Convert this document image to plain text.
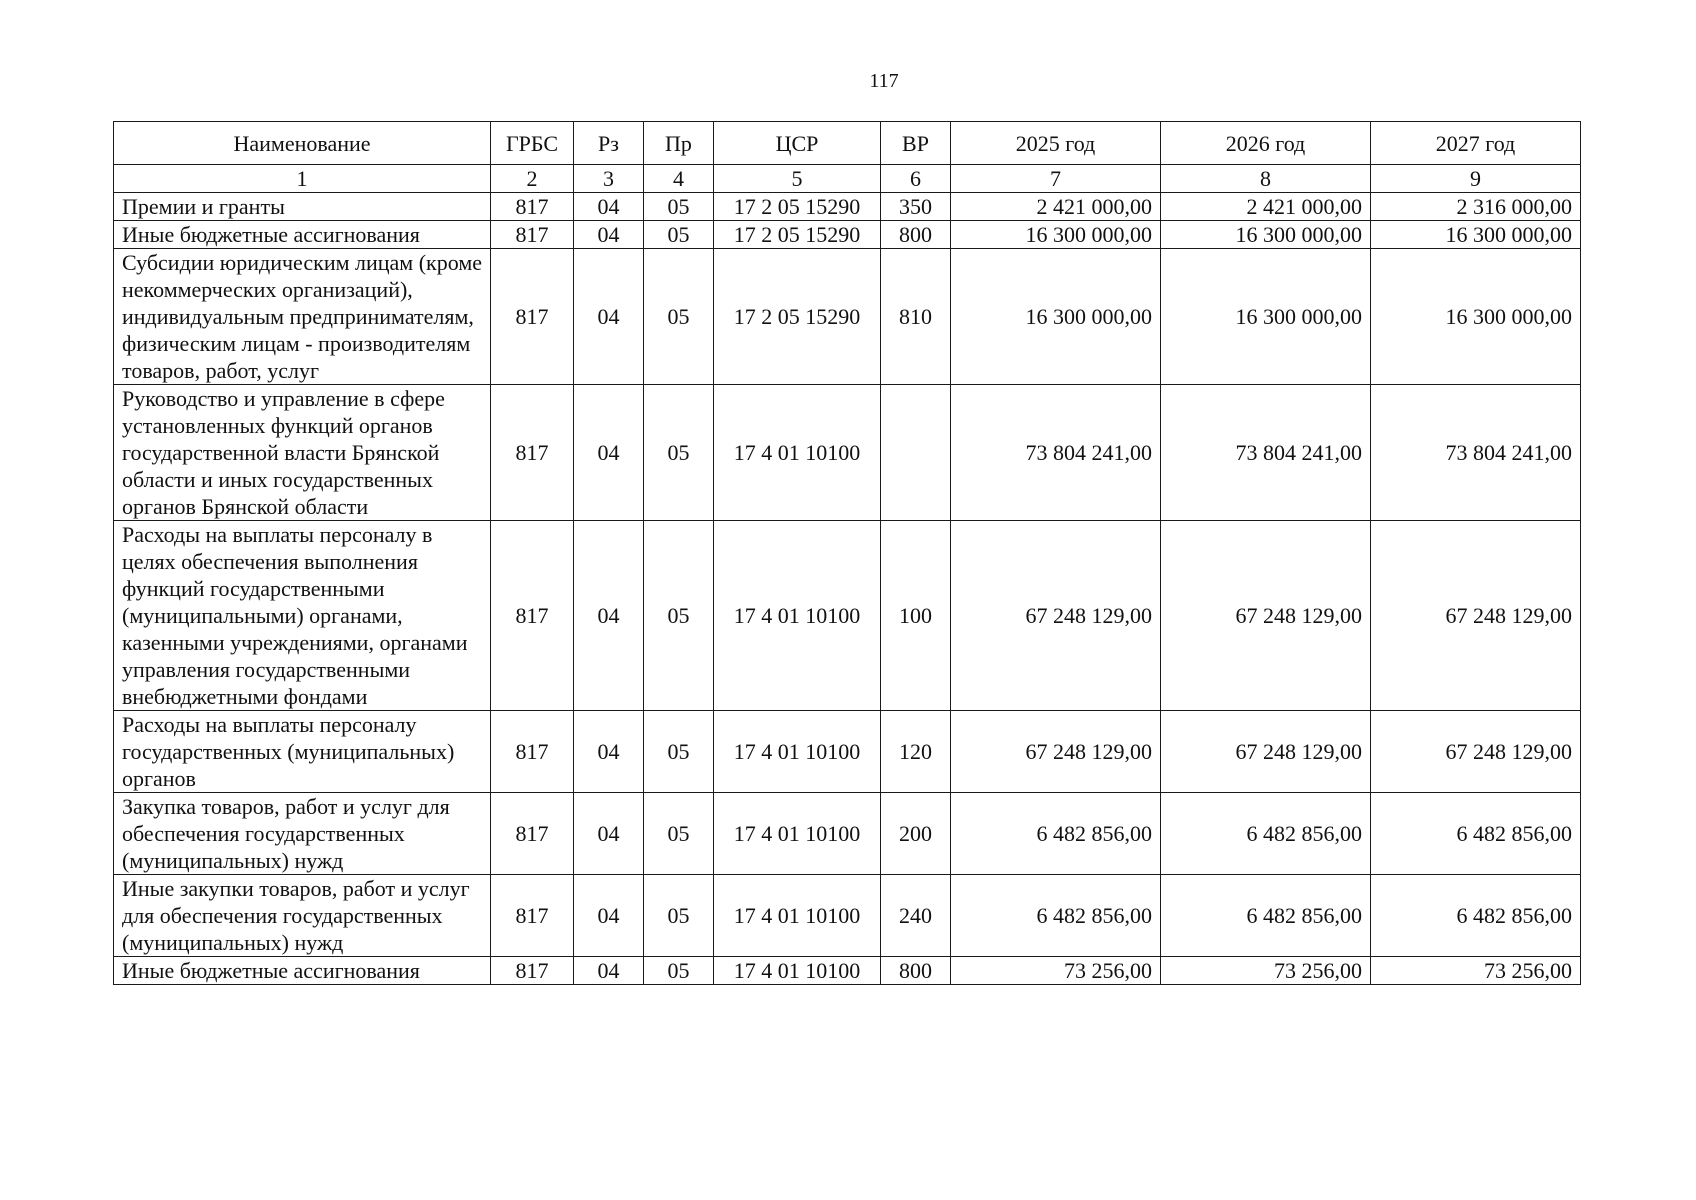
117
Наименование	ГРБС	Рз	Пр	ЦСР	ВР	2025 год	2026 год	2027 год
1	2	3	4	5	6	7	8	9
Премии и гранты	817	04	05	17 2 05 15290	350	2 421 000,00	2 421 000,00	2 316 000,00
Иные бюджетные ассигнования	817	04	05	17 2 05 15290	800	16 300 000,00	16 300 000,00	16 300 000,00
Субсидии юридическим лицам (кроме некоммерческих организаций), индивидуальным предпринимателям, физическим лицам - производителям товаров, работ, услуг	817	04	05	17 2 05 15290	810	16 300 000,00	16 300 000,00	16 300 000,00
Руководство и управление в сфере установленных функций органов государственной власти Брянской области и иных государственных органов Брянской области	817	04	05	17 4 01 10100		73 804 241,00	73 804 241,00	73 804 241,00
Расходы на выплаты персоналу в целях обеспечения выполнения функций государственными (муниципальными) органами, казенными учреждениями, органами управления государственными внебюджетными фондами	817	04	05	17 4 01 10100	100	67 248 129,00	67 248 129,00	67 248 129,00
Расходы на выплаты персоналу государственных (муниципальных) органов	817	04	05	17 4 01 10100	120	67 248 129,00	67 248 129,00	67 248 129,00
Закупка товаров, работ и услуг для обеспечения государственных (муниципальных) нужд	817	04	05	17 4 01 10100	200	6 482 856,00	6 482 856,00	6 482 856,00
Иные закупки товаров, работ и услуг для обеспечения государственных (муниципальных) нужд	817	04	05	17 4 01 10100	240	6 482 856,00	6 482 856,00	6 482 856,00
Иные бюджетные ассигнования	817	04	05	17 4 01 10100	800	73 256,00	73 256,00	73 256,00
